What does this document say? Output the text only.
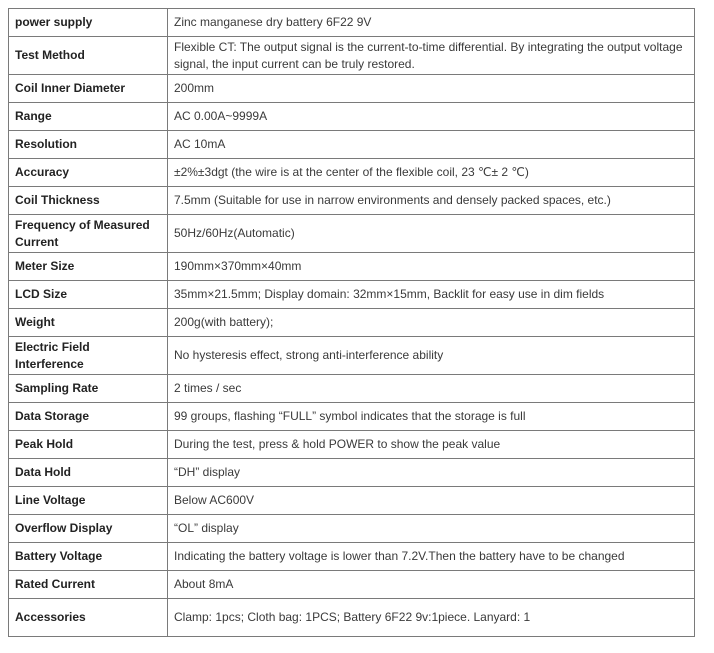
power supply	Zinc manganese dry battery 6F22 9V
Test Method	Flexible CT: The output signal is the current-to-time differential. By integrating the output voltage signal, the input current can be truly restored.
Coil Inner Diameter	200mm
Range	AC 0.00A~9999A
Resolution	AC 10mA
Accuracy	±2%±3dgt (the wire is at the center of the flexible coil, 23 ℃± 2 ℃)
Coil Thickness	7.5mm (Suitable for use in narrow environments and densely packed spaces, etc.)
Frequency of Measured Current	50Hz/60Hz(Automatic)
Meter Size	190mm×370mm×40mm
LCD Size	35mm×21.5mm; Display domain: 32mm×15mm, Backlit for easy use in dim fields
Weight	200g(with battery);
Electric Field Interference	No hysteresis effect, strong anti-interference ability
Sampling Rate	2 times / sec
Data Storage	99 groups, flashing “FULL” symbol indicates that the storage is full
Peak Hold	During the test, press & hold POWER to show the peak value
Data Hold	“DH” display
Line Voltage	Below AC600V
Overflow Display	“OL” display
Battery Voltage	Indicating the battery voltage is lower than 7.2V.Then the battery have to be changed
Rated Current	About 8mA
Accessories	Clamp: 1pcs; Cloth bag: 1PCS; Battery 6F22 9v:1piece. Lanyard: 1
